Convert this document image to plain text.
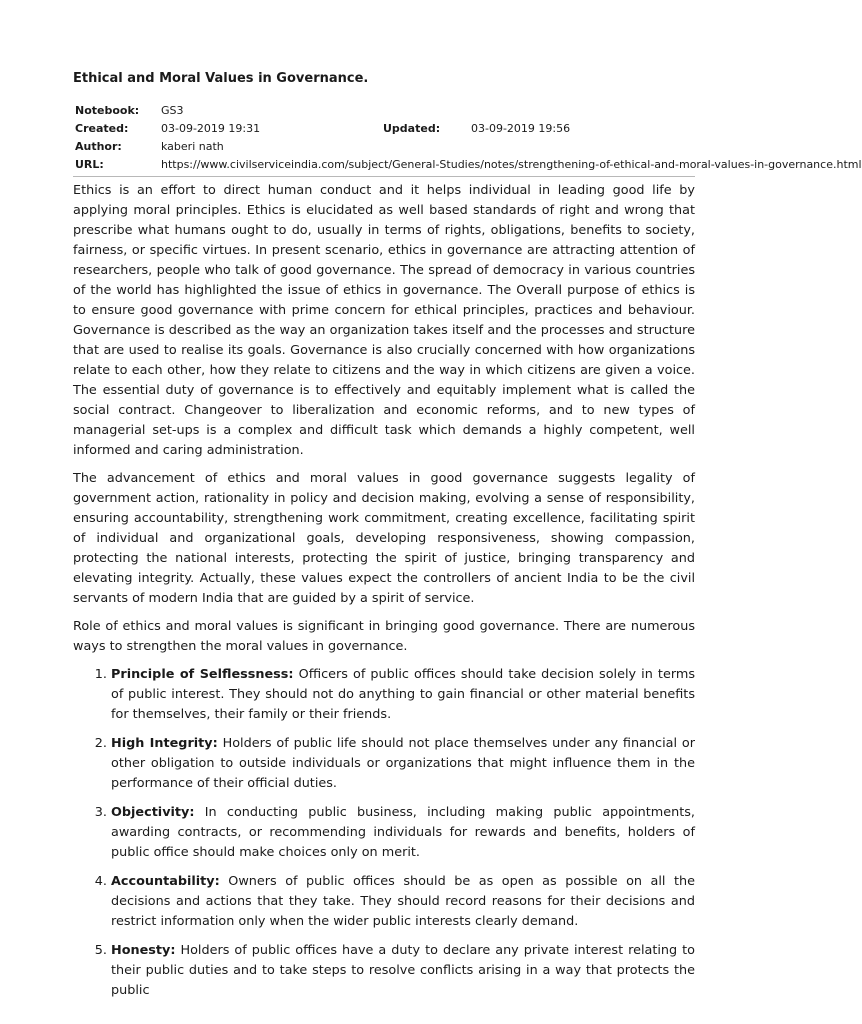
Ethical and Moral Values in Governance.
Notebook:	GS3
Created:	03-09-2019 19:31	Updated:	03-09-2019 19:56
Author:	kaberi nath
URL:	https://www.civilserviceindia.com/subject/General-Studies/notes/strengthening-of-ethical-and-moral-values-in-governance.html

Ethics is an effort to direct human conduct and it helps individual in leading good life by applying moral principles. Ethics is elucidated as well based standards of right and wrong that prescribe what humans ought to do, usually in terms of rights, obligations, benefits to society, fairness, or specific virtues. In present scenario, ethics in governance are attracting attention of researchers, people who talk of good governance. The spread of democracy in various countries of the world has highlighted the issue of ethics in governance. The Overall purpose of ethics is to ensure good governance with prime concern for ethical principles, practices and behaviour. Governance is described as the way an organization takes itself and the processes and structure that are used to realise its goals. Governance is also crucially concerned with how organizations relate to each other, how they relate to citizens and the way in which citizens are given a voice. The essential duty of governance is to effectively and equitably implement what is called the social contract. Changeover to liberalization and economic reforms, and to new types of managerial set-ups is a complex and difficult task which demands a highly competent, well informed and caring administration.

The advancement of ethics and moral values in good governance suggests legality of government action, rationality in policy and decision making, evolving a sense of responsibility, ensuring accountability, strengthening work commitment, creating excellence, facilitating spirit of individual and organizational goals, developing responsiveness, showing compassion, protecting the national interests, protecting the spirit of justice, bringing transparency and elevating integrity. Actually, these values expect the controllers of ancient India to be the civil servants of modern India that are guided by a spirit of service.

Role of ethics and moral values is significant in bringing good governance. There are numerous ways to strengthen the moral values in governance.

1. Principle of Selflessness: Officers of public offices should take decision solely in terms of public interest. They should not do anything to gain financial or other material benefits for themselves, their family or their friends.
2. High Integrity: Holders of public life should not place themselves under any financial or other obligation to outside individuals or organizations that might influence them in the performance of their official duties.
3. Objectivity: In conducting public business, including making public appointments, awarding contracts, or recommending individuals for rewards and benefits, holders of public office should make choices only on merit.
4. Accountability: Owners of public offices should be as open as possible on all the decisions and actions that they take. They should record reasons for their decisions and restrict information only when the wider public interests clearly demand.
5. Honesty: Holders of public offices have a duty to declare any private interest relating to their public duties and to take steps to resolve conflicts arising in a way that protects the public
